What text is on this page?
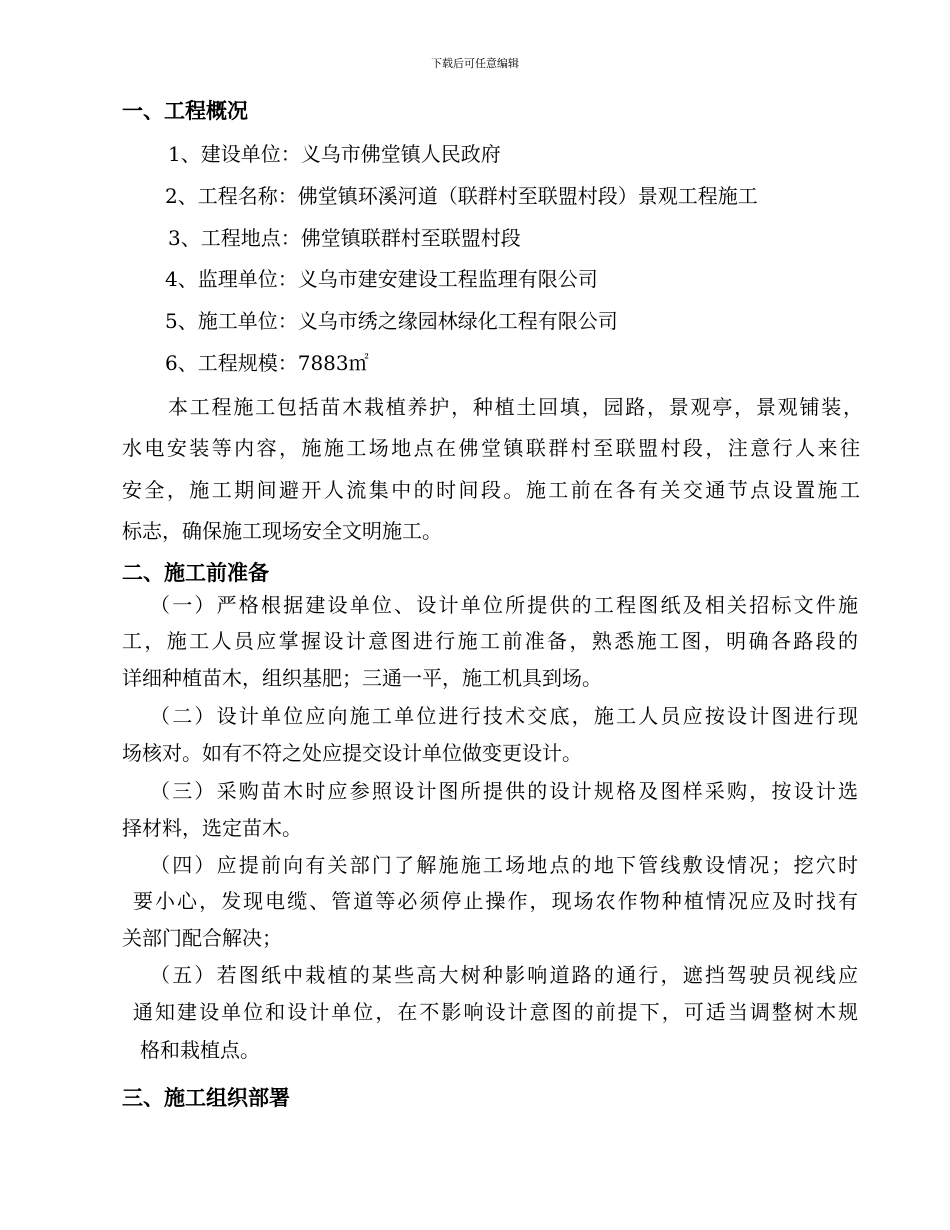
下载后可任意编辑
一、工程概况
1、建设单位：义乌市佛堂镇人民政府
2、工程名称：佛堂镇环溪河道（联群村至联盟村段）景观工程施工
3、工程地点：佛堂镇联群村至联盟村段
4、监理单位：义乌市建安建设工程监理有限公司
5、施工单位：义乌市绣之缘园林绿化工程有限公司
6、工程规模：7883㎡
本工程施工包括苗木栽植养护，种植土回填，园路，景观亭，景观铺装，
水电安装等内容，施施工场地点在佛堂镇联群村至联盟村段，注意行人来往
安全，施工期间避开人流集中的时间段。施工前在各有关交通节点设置施工
标志，确保施工现场安全文明施工。
二、施工前准备
（一）严格根据建设单位、设计单位所提供的工程图纸及相关招标文件施
工，施工人员应掌握设计意图进行施工前准备，熟悉施工图，明确各路段的
详细种植苗木，组织基肥；三通一平，施工机具到场。
（二）设计单位应向施工单位进行技术交底，施工人员应按设计图进行现
场核对。如有不符之处应提交设计单位做变更设计。
（三）采购苗木时应参照设计图所提供的设计规格及图样采购，按设计选
择材料，选定苗木。
（四）应提前向有关部门了解施施工场地点的地下管线敷设情况；挖穴时
要小心，发现电缆、管道等必须停止操作，现场农作物种植情况应及时找有
关部门配合解决；
（五）若图纸中栽植的某些高大树种影响道路的通行，遮挡驾驶员视线应
通知建设单位和设计单位，在不影响设计意图的前提下，可适当调整树木规
格和栽植点。
三、施工组织部署
